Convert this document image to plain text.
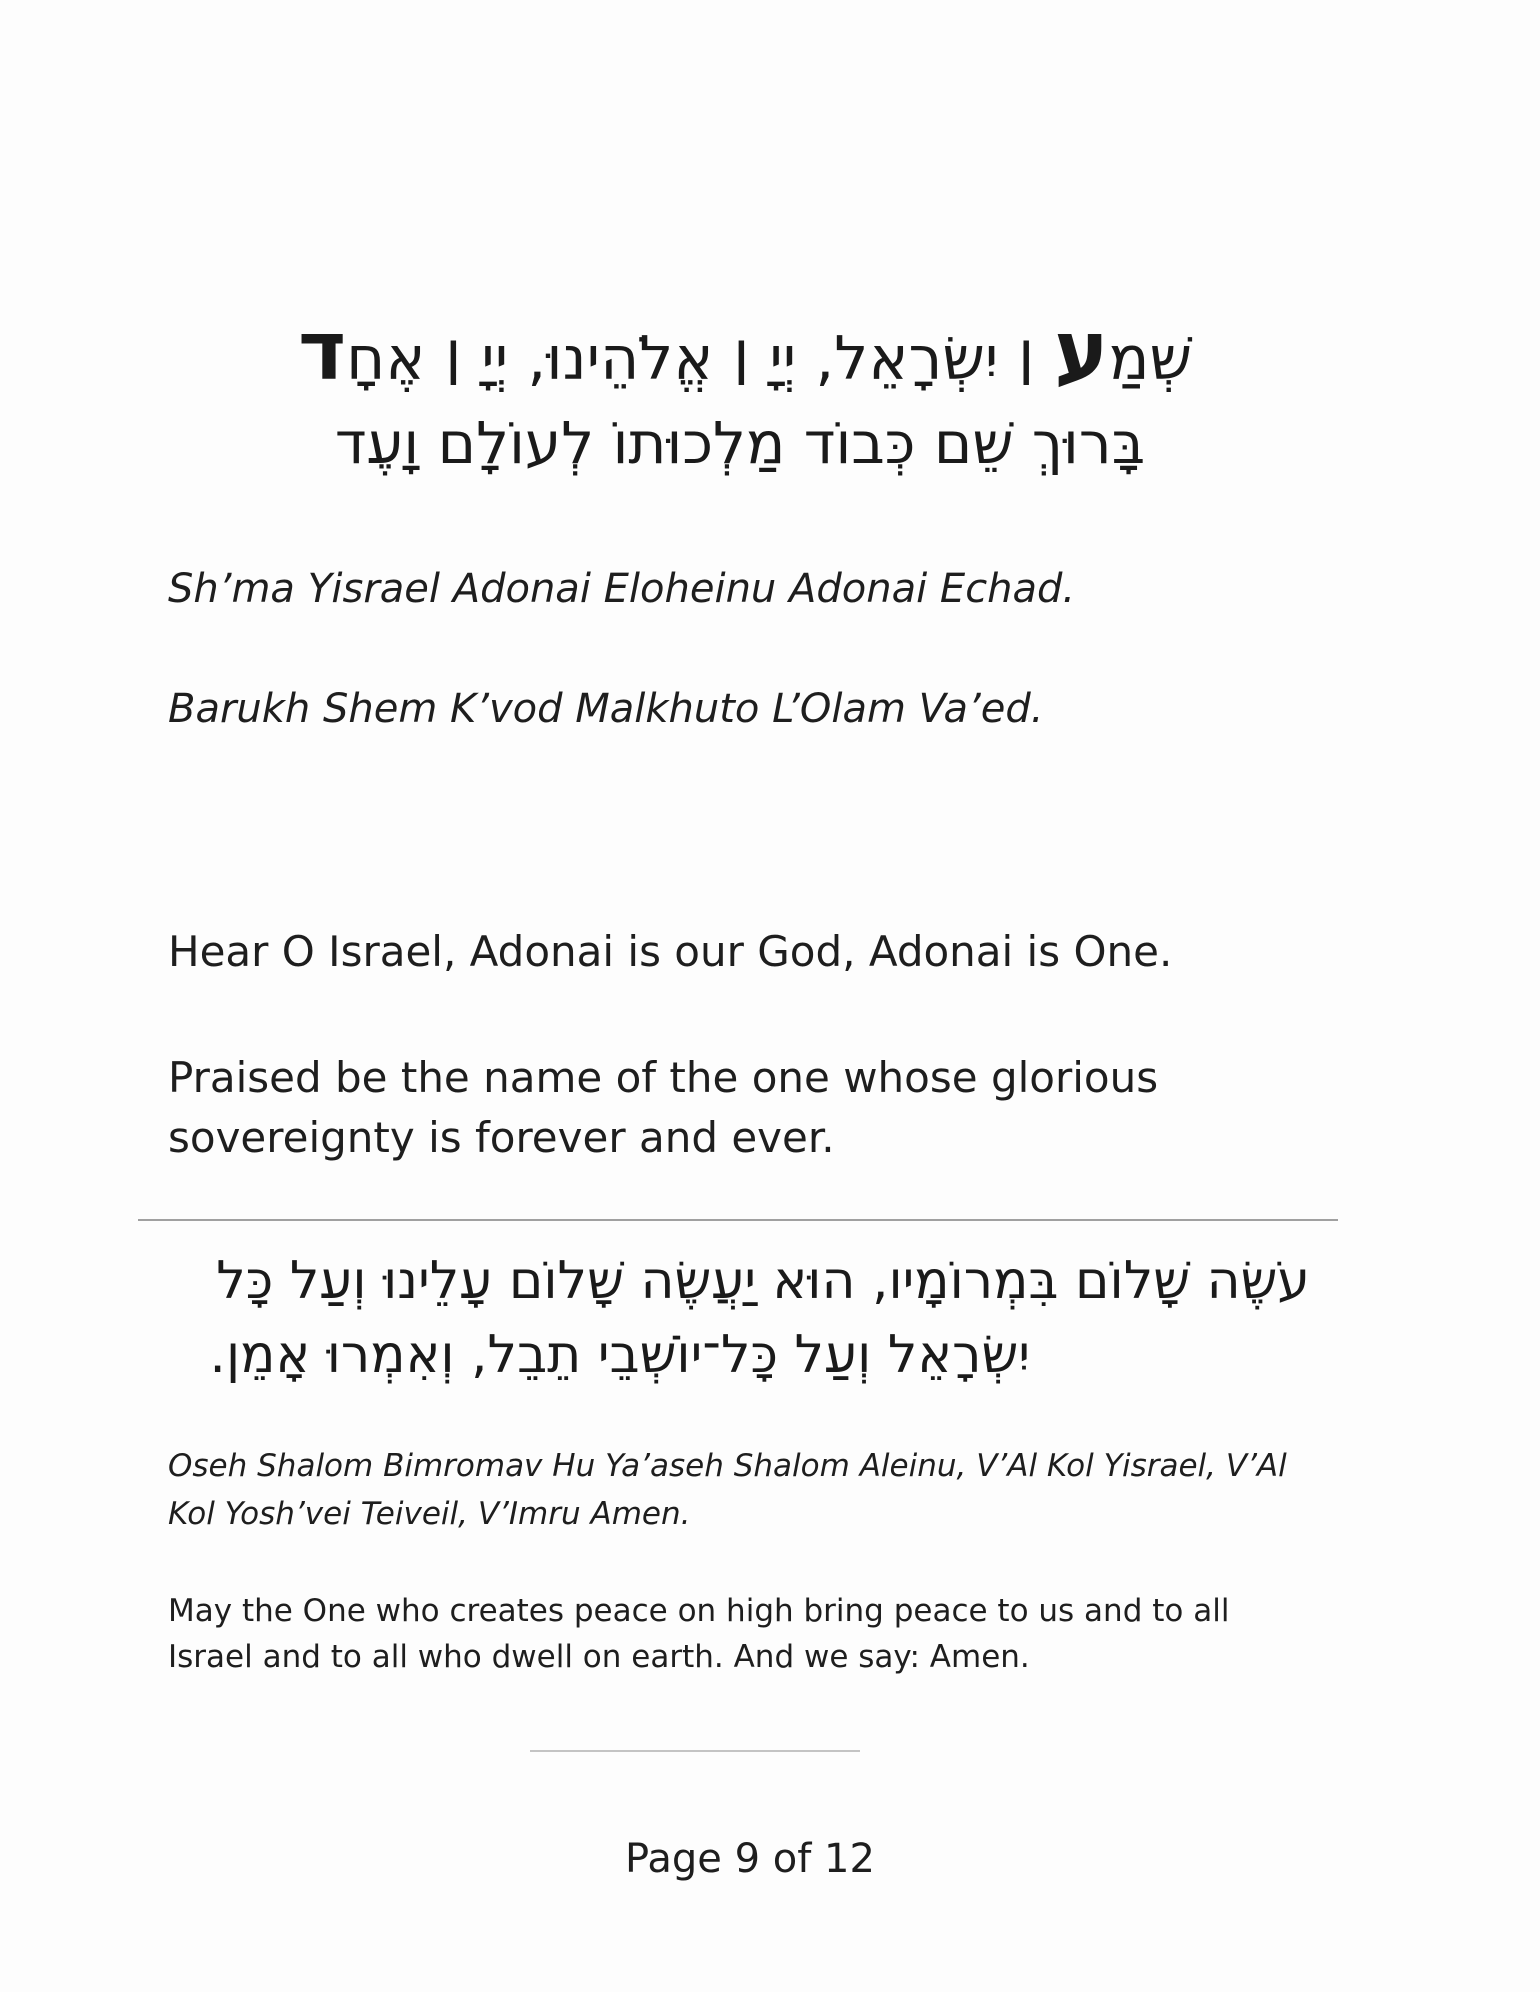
שְׁמַע ׀ יִשְׂרָאֵל, יְיָ ׀ אֱלֹהֵינוּ, יְיָ ׀ אֶחָד
בָּרוּךְ שֵׁם כְּבוֹד מַלְכוּתוֹ לְעוֹלָם וָעֶד
Sh’ma Yisrael Adonai Eloheinu Adonai Echad.
Barukh Shem K’vod Malkhuto L’Olam Va’ed.
Hear O Israel, Adonai is our God, Adonai is One.
Praised be the name of the one whose glorious sovereignty is forever and ever.
עֹשֶׂה שָׁלוֹם בִּמְרוֹמָיו, הוּא יַעֲשֶׂה שָׁלוֹם עָלֵינוּ וְעַל כָּל
יִשְׂרָאֵל וְעַל כָּל־יוֹשְׁבֵי תֵבֵל, וְאִמְרוּ אָמֵן.
Oseh Shalom Bimromav Hu Ya’aseh Shalom Aleinu, V’Al Kol Yisrael, V’Al Kol Yosh’vei Teiveil, V’Imru Amen.
May the One who creates peace on high bring peace to us and to all Israel and to all who dwell on earth. And we say: Amen.
Page 9 of 12
